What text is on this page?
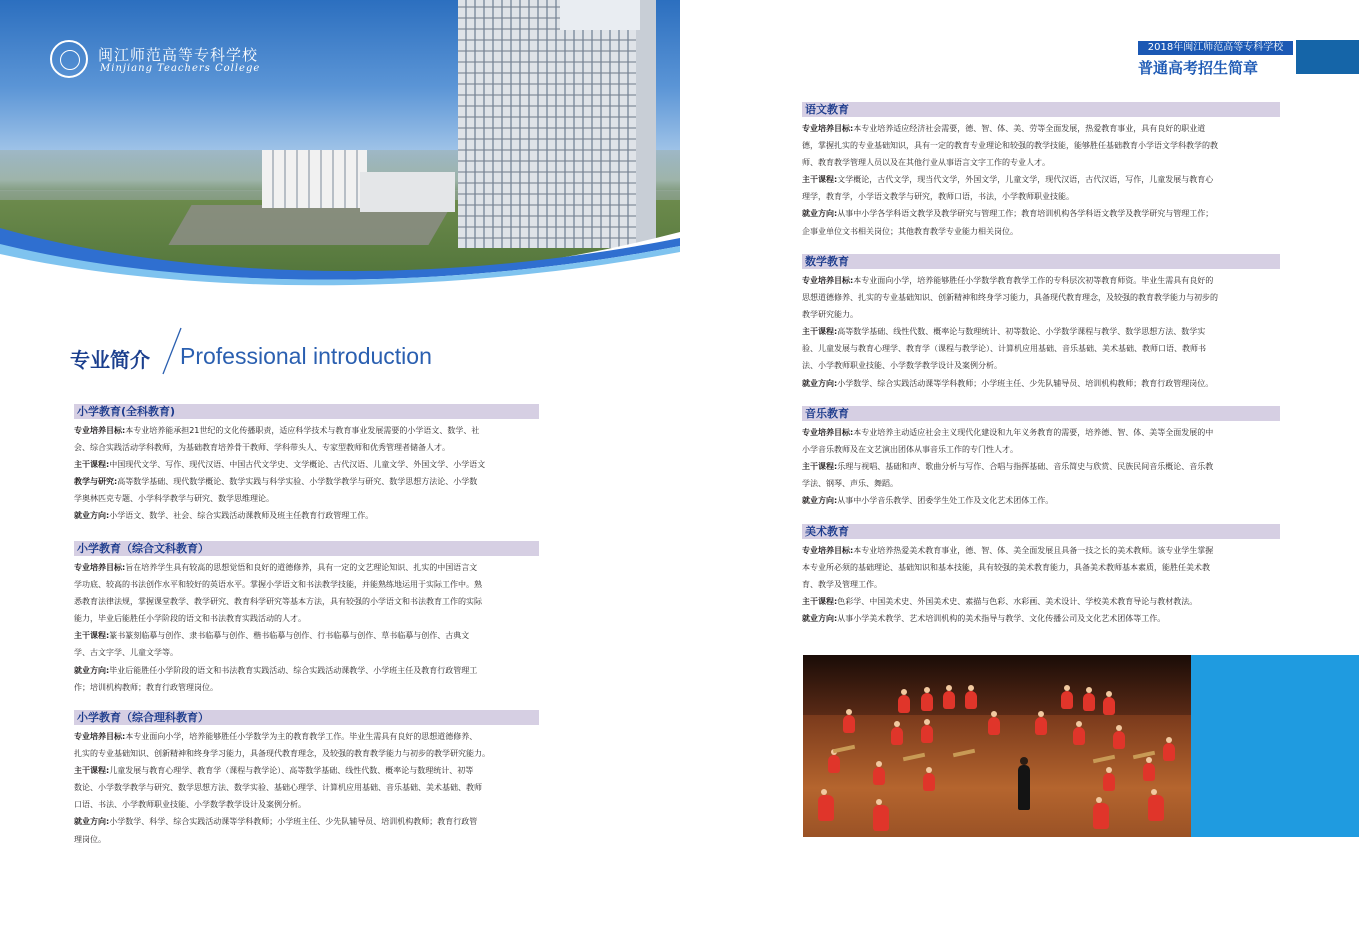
闽江师范高等专科学校
Minjiang Teachers College
专业简介 Professional introduction
小学教育(全科教育)

专业培养目标:本专业培养能承担21世纪的文化传播职责，适应科学技术与教育事业发展需要的小学语文、数学、社
会、综合实践活动学科教师，为基础教育培养骨干教师、学科带头人、专家型教师和优秀管理者储备人才。
主干课程:中国现代文学、写作、现代汉语、中国古代文学史、文学概论、古代汉语、儿童文学、外国文学、小学语文
教学与研究:高等数学基础、现代数学概论、数学实践与科学实验、小学数学教学与研究、数学思想方法论、小学数
学奥林匹克专题、小学科学教学与研究、数学思维理论。
就业方向:小学语文、数学、社会、综合实践活动课教师及班主任教育行政管理工作。

小学教育（综合文科教育）

专业培养目标:旨在培养学生具有较高的思想觉悟和良好的道德修养，具有一定的文艺理论知识、扎实的中国语言文
学功底、较高的书法创作水平和较好的英语水平。掌握小学语文和书法教学技能，并能熟练地运用于实际工作中。熟
悉教育法律法规，掌握课堂教学、教学研究、教育科学研究等基本方法，具有较强的小学语文和书法教育工作的实际
能力，毕业后能胜任小学阶段的语文和书法教育实践活动的人才。
主干课程:篆书篆刻临摹与创作、隶书临摹与创作、楷书临摹与创作、行书临摹与创作、草书临摹与创作、古典文
学、古文字学、儿童文学等。
就业方向:毕业后能胜任小学阶段的语文和书法教育实践活动、综合实践活动课教学、小学班主任及教育行政管理工
作；培训机构教师；教育行政管理岗位。

小学教育（综合理科教育）

专业培养目标:本专业面向小学，培养能够胜任小学数学为主的教育教学工作。毕业生需具有良好的思想道德修养、
扎实的专业基础知识、创新精神和终身学习能力，具备现代教育理念，及较强的教育教学能力与初步的教学研究能力。
主干课程:儿童发展与教育心理学、教育学（课程与教学论）、高等数学基础、线性代数、概率论与数理统计、初等
数论、小学数学教学与研究、数学思想方法、数学实验、基础心理学、计算机应用基础、音乐基础、美术基础、教师
口语、书法、小学教师职业技能、小学数学教学设计及案例分析。
就业方向:小学数学、科学、综合实践活动课等学科教师；小学班主任、少先队辅导员、培训机构教师；教育行政管
理岗位。

2018年闽江师范高等专科学校
普通高考招生简章
语文教育

专业培养目标:本专业培养适应经济社会需要，德、智、体、美、劳等全面发展，热爱教育事业，具有良好的职业道
德，掌握扎实的专业基础知识，具有一定的教育专业理论和较强的教学技能，能够胜任基础教育小学语文学科教学的教
师、教育教学管理人员以及在其他行业从事语言文字工作的专业人才。
主干课程:文学概论，古代文学，现当代文学，外国文学，儿童文学，现代汉语，古代汉语，写作，儿童发展与教育心
理学，教育学，小学语文教学与研究，教师口语，书法，小学教师职业技能。
就业方向:从事中小学各学科语文教学及教学研究与管理工作；教育培训机构各学科语文教学及教学研究与管理工作；
企事业单位文书相关岗位；其他教育教学专业能力相关岗位。

数学教育

专业培养目标:本专业面向小学，培养能够胜任小学数学教育教学工作的专科层次初等教育师资。毕业生需具有良好的
思想道德修养、扎实的专业基础知识、创新精神和终身学习能力，具备现代教育理念，及较强的教育教学能力与初步的
教学研究能力。
主干课程:高等数学基础、线性代数、概率论与数理统计、初等数论、小学数学课程与教学、数学思想方法、数学实
验、儿童发展与教育心理学、教育学（课程与教学论）、计算机应用基础、音乐基础、美术基础、教师口语、教师书
法、小学教师职业技能、小学数学教学设计及案例分析。
就业方向:小学数学、综合实践活动课等学科教师；小学班主任、少先队辅导员、培训机构教师；教育行政管理岗位。

音乐教育

专业培养目标:本专业培养主动适应社会主义现代化建设和九年义务教育的需要，培养德、智、体、美等全面发展的中
小学音乐教师及在文艺演出团体从事音乐工作的专门性人才。
主干课程:乐理与视唱、基础和声、歌曲分析与写作、合唱与指挥基础、音乐简史与欣赏、民族民间音乐概论、音乐教
学法、钢琴、声乐、舞蹈。
就业方向:从事中小学音乐教学、团委学生处工作及文化艺术团体工作。

美术教育

专业培养目标:本专业培养热爱美术教育事业，德、智、体、美全面发展且具备一技之长的美术教师。该专业学生掌握
本专业所必须的基础理论、基础知识和基本技能，具有较强的美术教育能力，具备美术教师基本素质，能胜任美术教
育、教学及管理工作。
主干课程:色彩学、中国美术史、外国美术史、素描与色彩、水彩画、美术设计、学校美术教育导论与教材教法。
就业方向:从事小学美术教学、艺术培训机构的美术指导与教学、文化传播公司及文化艺术团体等工作。
